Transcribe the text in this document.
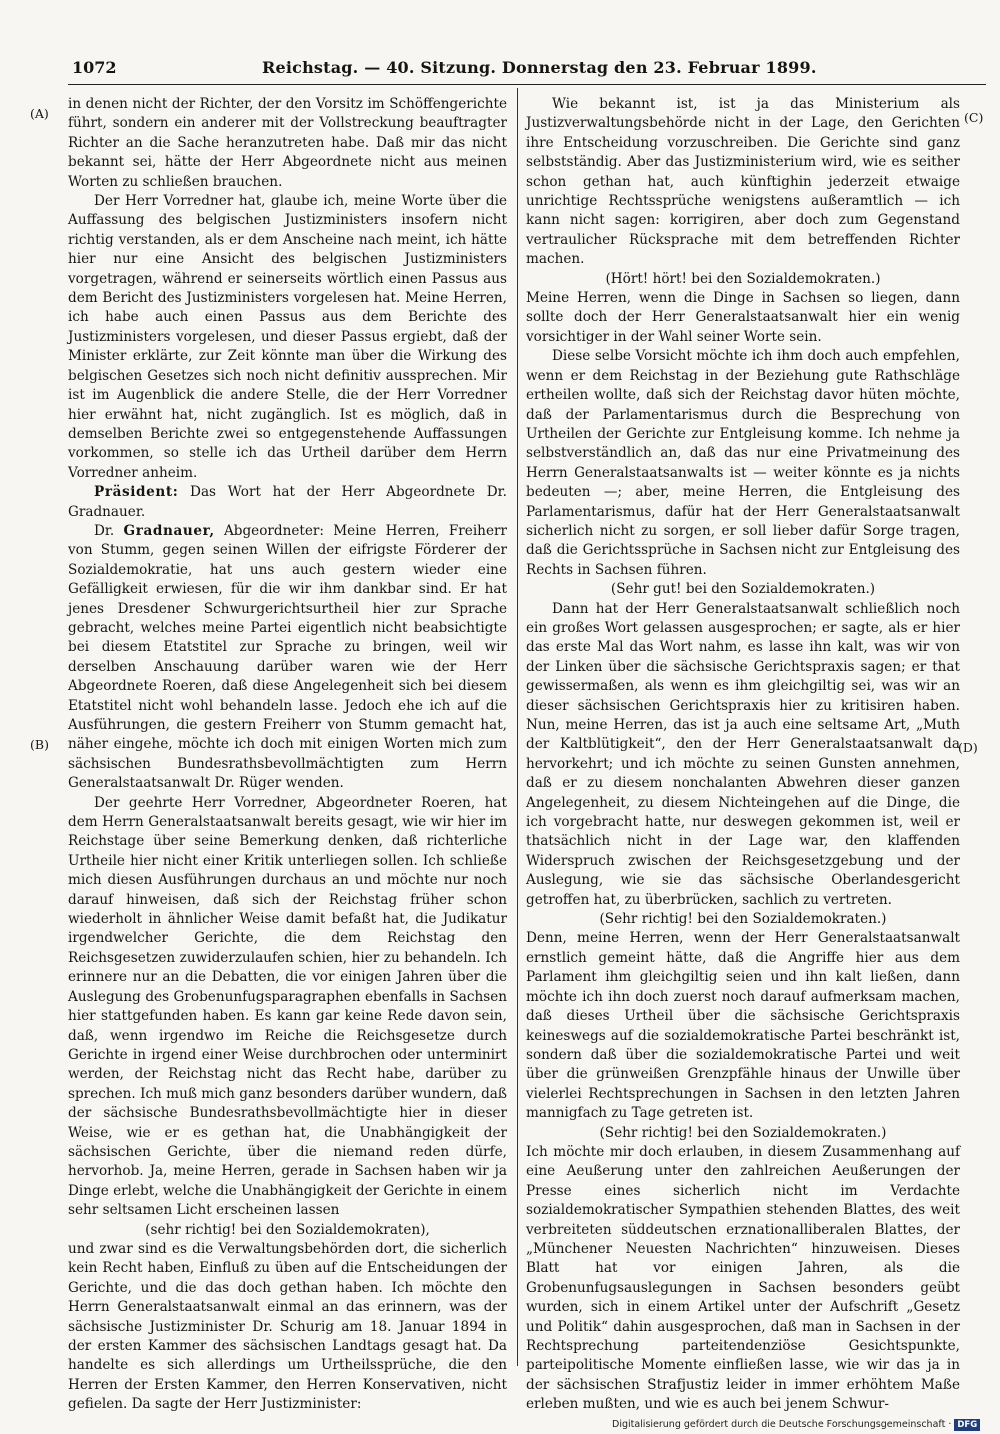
1072	Reichstag. — 40. Sitzung. Donnerstag den 23. Februar 1899.
(A)
(B)
(C)
(D)

in denen nicht der Richter, der den Vorsitz im Schöffengerichte führt, sondern ein anderer mit der Vollstreckung beauftragter Richter an die Sache heranzutreten habe. Daß mir das nicht bekannt sei, hätte der Herr Abgeordnete nicht aus meinen Worten zu schließen brauchen.

Der Herr Vorredner hat, glaube ich, meine Worte über die Auffassung des belgischen Justizministers insofern nicht richtig verstanden, als er dem Anscheine nach meint, ich hätte hier nur eine Ansicht des belgischen Justizministers vorgetragen, während er seinerseits wörtlich einen Passus aus dem Bericht des Justizministers vorgelesen hat. Meine Herren, ich habe auch einen Passus aus dem Berichte des Justizministers vorgelesen, und dieser Passus ergiebt, daß der Minister erklärte, zur Zeit könnte man über die Wirkung des belgischen Gesetzes sich noch nicht definitiv aussprechen. Mir ist im Augenblick die andere Stelle, die der Herr Vorredner hier erwähnt hat, nicht zugänglich. Ist es möglich, daß in demselben Berichte zwei so entgegenstehende Auffassungen vorkommen, so stelle ich das Urtheil darüber dem Herrn Vorredner anheim.

Präsident: Das Wort hat der Herr Abgeordnete Dr. Gradnauer.

Dr. Gradnauer, Abgeordneter: Meine Herren, Freiherr von Stumm, gegen seinen Willen der eifrigste Förderer der Sozialdemokratie, hat uns auch gestern wieder eine Gefälligkeit erwiesen, für die wir ihm dankbar sind. Er hat jenes Dresdener Schwurgerichtsurtheil hier zur Sprache gebracht, welches meine Partei eigentlich nicht beabsichtigte bei diesem Etatstitel zur Sprache zu bringen, weil wir derselben Anschauung darüber waren wie der Herr Abgeordnete Roeren, daß diese Angelegenheit sich bei diesem Etatstitel nicht wohl behandeln lasse. Jedoch ehe ich auf die Ausführungen, die gestern Freiherr von Stumm gemacht hat, näher eingehe, möchte ich doch mit einigen Worten mich zum sächsischen Bundesrathsbevollmächtigten zum Herrn Generalstaatsanwalt Dr. Rüger wenden.

Der geehrte Herr Vorredner, Abgeordneter Roeren, hat dem Herrn Generalstaatsanwalt bereits gesagt, wie wir hier im Reichstage über seine Bemerkung denken, daß richterliche Urtheile hier nicht einer Kritik unterliegen sollen. Ich schließe mich diesen Ausführungen durchaus an und möchte nur noch darauf hinweisen, daß sich der Reichstag früher schon wiederholt in ähnlicher Weise damit befaßt hat, die Judikatur irgendwelcher Gerichte, die dem Reichstag den Reichsgesetzen zuwiderzulaufen schien, hier zu behandeln. Ich erinnere nur an die Debatten, die vor einigen Jahren über die Auslegung des Grobenunfugsparagraphen ebenfalls in Sachsen hier stattgefunden haben. Es kann gar keine Rede davon sein, daß, wenn irgendwo im Reiche die Reichsgesetze durch Gerichte in irgend einer Weise durchbrochen oder unterminirt werden, der Reichstag nicht das Recht habe, darüber zu sprechen. Ich muß mich ganz besonders darüber wundern, daß der sächsische Bundesrathsbevollmächtigte hier in dieser Weise, wie er es gethan hat, die Unabhängigkeit der sächsischen Gerichte, über die niemand reden dürfe, hervorhob. Ja, meine Herren, gerade in Sachsen haben wir ja Dinge erlebt, welche die Unabhängigkeit der Gerichte in einem sehr seltsamen Licht erscheinen lassen

(sehr richtig! bei den Sozialdemokraten),

und zwar sind es die Verwaltungsbehörden dort, die sicherlich kein Recht haben, Einfluß zu üben auf die Entscheidungen der Gerichte, und die das doch gethan haben. Ich möchte den Herrn Generalstaatsanwalt einmal an das erinnern, was der sächsische Justizminister Dr. Schurig am 18. Januar 1894 in der ersten Kammer des sächsischen Landtags gesagt hat. Da handelte es sich allerdings um Urtheilssprüche, die den Herren der Ersten Kammer, den Herren Konservativen, nicht gefielen. Da sagte der Herr Justizminister:

Wie bekannt ist, ist ja das Ministerium als Justizverwaltungsbehörde nicht in der Lage, den Gerichten ihre Entscheidung vorzuschreiben. Die Gerichte sind ganz selbstständig. Aber das Justizministerium wird, wie es seither schon gethan hat, auch künftighin jederzeit etwaige unrichtige Rechtssprüche wenigstens außeramtlich — ich kann nicht sagen: korrigiren, aber doch zum Gegenstand vertraulicher Rücksprache mit dem betreffenden Richter machen.

(Hört! hört! bei den Sozialdemokraten.)

Meine Herren, wenn die Dinge in Sachsen so liegen, dann sollte doch der Herr Generalstaatsanwalt hier ein wenig vorsichtiger in der Wahl seiner Worte sein.

Diese selbe Vorsicht möchte ich ihm doch auch empfehlen, wenn er dem Reichstag in der Beziehung gute Rathschläge ertheilen wollte, daß sich der Reichstag davor hüten möchte, daß der Parlamentarismus durch die Besprechung von Urtheilen der Gerichte zur Entgleisung komme. Ich nehme ja selbstverständlich an, daß das nur eine Privatmeinung des Herrn Generalstaatsanwalts ist — weiter könnte es ja nichts bedeuten —; aber, meine Herren, die Entgleisung des Parlamentarismus, dafür hat der Herr Generalstaatsanwalt sicherlich nicht zu sorgen, er soll lieber dafür Sorge tragen, daß die Gerichtssprüche in Sachsen nicht zur Entgleisung des Rechts in Sachsen führen.

(Sehr gut! bei den Sozialdemokraten.)

Dann hat der Herr Generalstaatsanwalt schließlich noch ein großes Wort gelassen ausgesprochen; er sagte, als er hier das erste Mal das Wort nahm, es lasse ihn kalt, was wir von der Linken über die sächsische Gerichtspraxis sagen; er that gewissermaßen, als wenn es ihm gleichgiltig sei, was wir an dieser sächsischen Gerichtspraxis hier zu kritisiren haben. Nun, meine Herren, das ist ja auch eine seltsame Art, „Muth der Kaltblütigkeit“, den der Herr Generalstaatsanwalt da hervorkehrt; und ich möchte zu seinen Gunsten annehmen, daß er zu diesem nonchalanten Abwehren dieser ganzen Angelegenheit, zu diesem Nichteingehen auf die Dinge, die ich vorgebracht hatte, nur deswegen gekommen ist, weil er thatsächlich nicht in der Lage war, den klaffenden Widerspruch zwischen der Reichsgesetzgebung und der Auslegung, wie sie das sächsische Oberlandesgericht getroffen hat, zu überbrücken, sachlich zu vertreten.

(Sehr richtig! bei den Sozialdemokraten.)

Denn, meine Herren, wenn der Herr Generalstaatsanwalt ernstlich gemeint hätte, daß die Angriffe hier aus dem Parlament ihm gleichgiltig seien und ihn kalt ließen, dann möchte ich ihn doch zuerst noch darauf aufmerksam machen, daß dieses Urtheil über die sächsische Gerichtspraxis keineswegs auf die sozialdemokratische Partei beschränkt ist, sondern daß über die sozialdemokratische Partei und weit über die grünweißen Grenzpfähle hinaus der Unwille über vielerlei Rechtsprechungen in Sachsen in den letzten Jahren mannigfach zu Tage getreten ist.

(Sehr richtig! bei den Sozialdemokraten.)

Ich möchte mir doch erlauben, in diesem Zusammenhang auf eine Aeußerung unter den zahlreichen Aeußerungen der Presse eines sicherlich nicht im Verdachte sozialdemokratischer Sympathien stehenden Blattes, des weit verbreiteten süddeutschen erznationalliberalen Blattes, der „Münchener Neuesten Nachrichten“ hinzuweisen. Dieses Blatt hat vor einigen Jahren, als die Grobenunfugsauslegungen in Sachsen besonders geübt wurden, sich in einem Artikel unter der Aufschrift „Gesetz und Politik“ dahin ausgesprochen, daß man in Sachsen in der Rechtsprechung parteitendenziöse Gesichtspunkte, parteipolitische Momente einfließen lasse, wie wir das ja in der sächsischen Strafjustiz leider in immer erhöhtem Maße erleben mußten, und wie es auch bei jenem Schwur-

Digitalisierung gefördert durch die Deutsche Forschungsgemeinschaft · DFG
